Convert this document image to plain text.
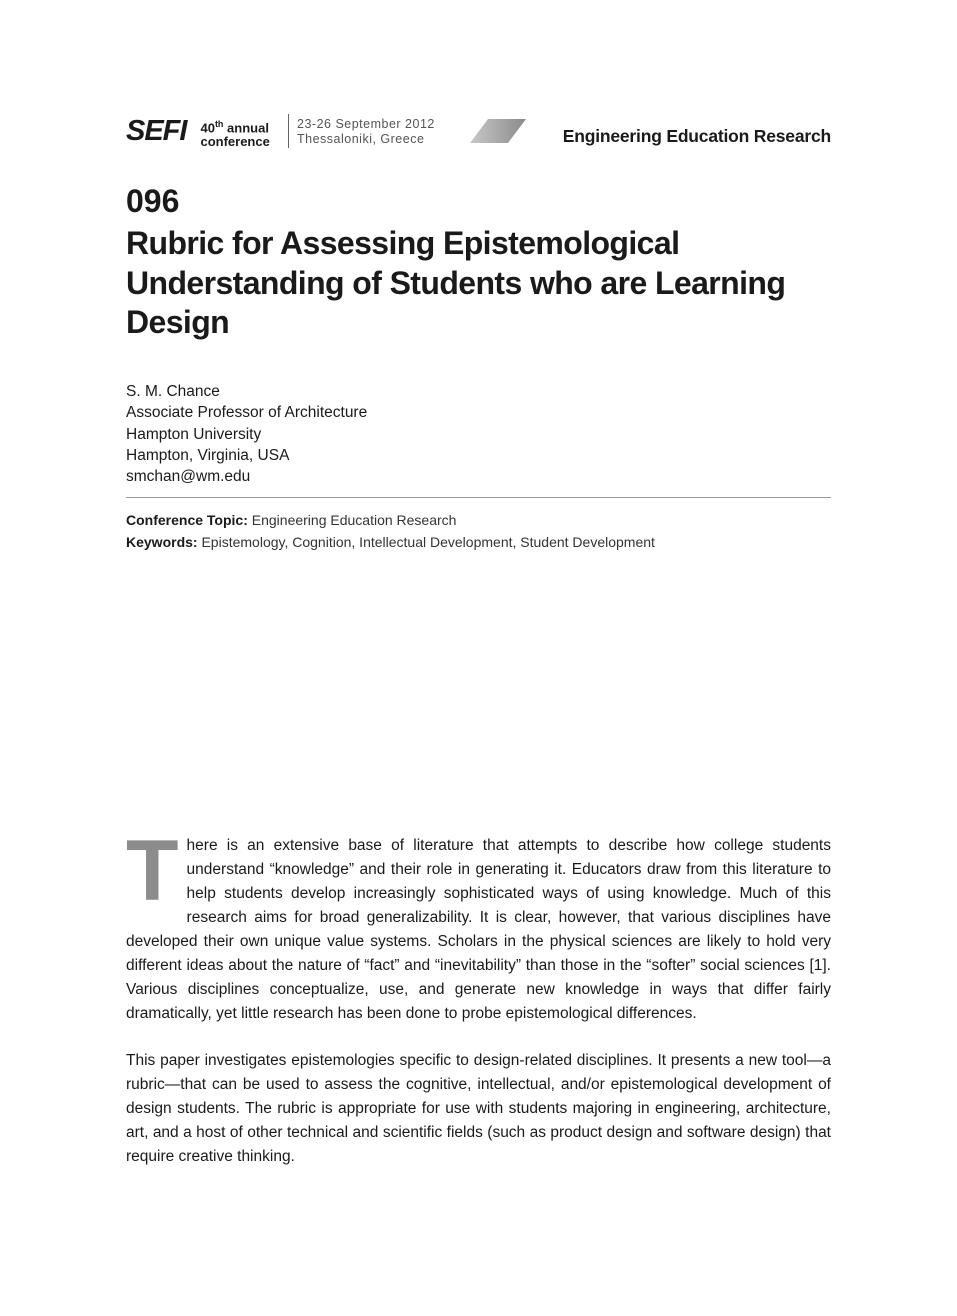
SEFI 40th annual
conference
23-26 September 2012
Thessaloniki, Greece	Engineering Education Research
096
Rubric for Assessing Epistemological Understanding of Students who are Learning Design
S. M. Chance
Associate Professor of Architecture
Hampton University
Hampton, Virginia, USA
smchan@wm.edu
Conference Topic: Engineering Education Research
Keywords: Epistemology, Cognition, Intellectual Development, Student Development
T here is an extensive base of literature that attempts to describe how college students understand “knowledge” and their role in generating it. Educators draw from this literature to help students develop increasingly sophisticated ways of using knowledge. Much of this research aims for broad generalizability. It is clear, however, that various disciplines have developed their own unique value systems. Scholars in the physical sciences are likely to hold very different ideas about the nature of “fact” and “inevitability” than those in the “softer” social sciences [1]. Various disciplines conceptualize, use, and generate new knowledge in ways that differ fairly dramatically, yet little research has been done to probe epistemological differences.
This paper investigates epistemologies specific to design-related disciplines. It presents a new tool—a rubric—that can be used to assess the cognitive, intellectual, and/or epistemological development of design students. The rubric is appropriate for use with students majoring in engineering, architecture, art, and a host of other technical and scientific fields (such as product design and software design) that require creative thinking.
